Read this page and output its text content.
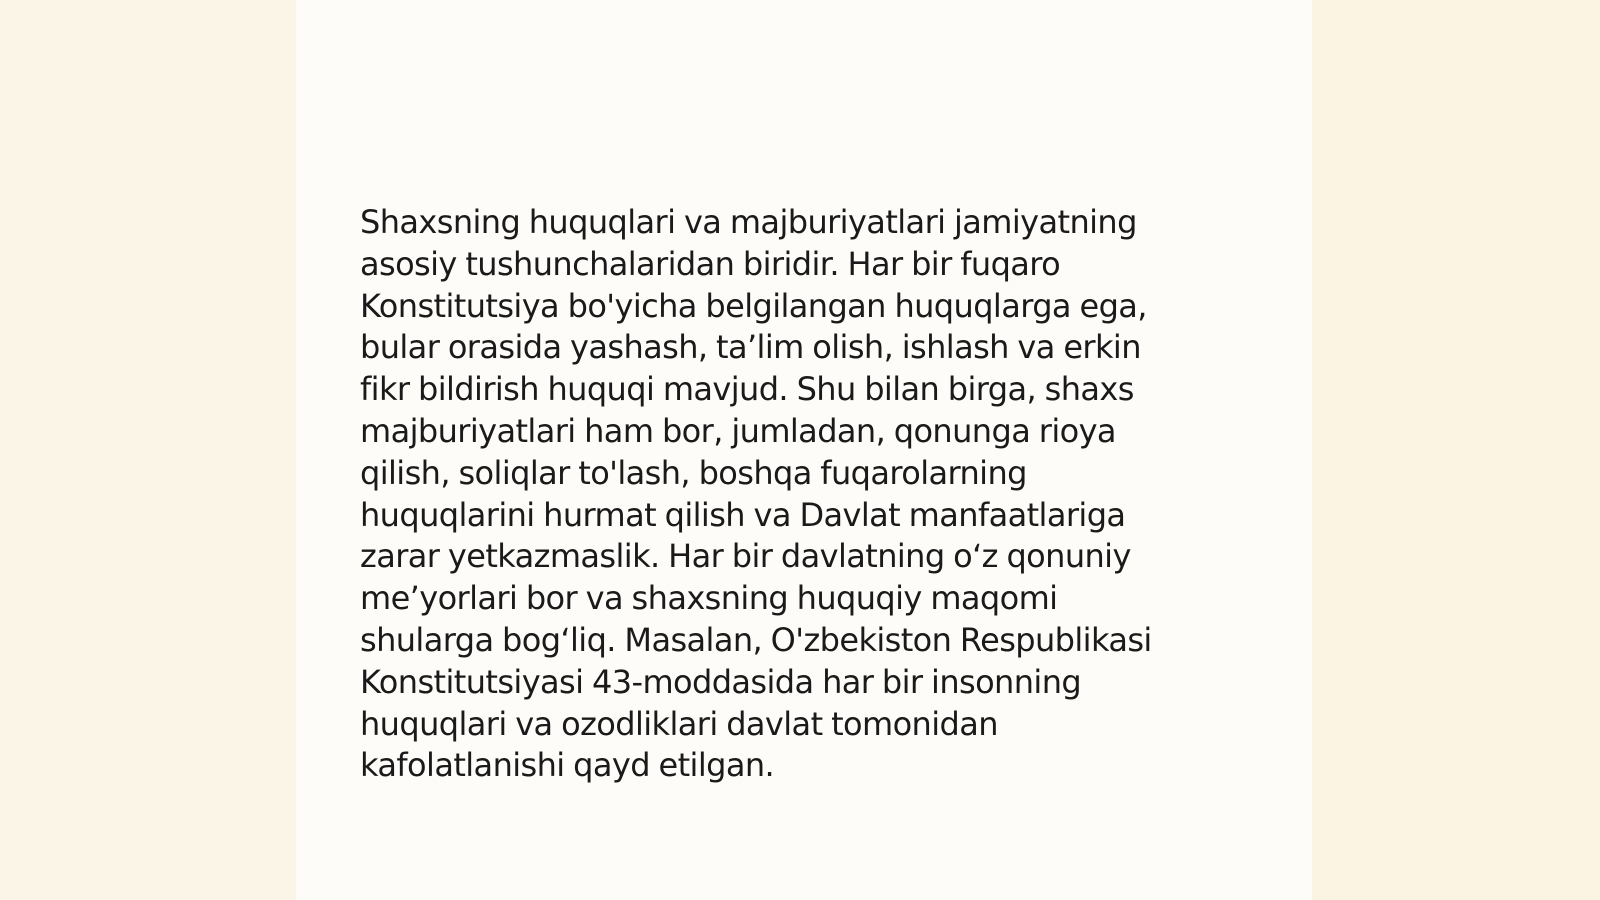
Shaxsning huquqlari va majburiyatlari jamiyatning
asosiy tushunchalaridan biridir. Har bir fuqaro
Konstitutsiya bo'yicha belgilangan huquqlarga ega,
bular orasida yashash, ta’lim olish, ishlash va erkin
fikr bildirish huquqi mavjud. Shu bilan birga, shaxs
majburiyatlari ham bor, jumladan, qonunga rioya
qilish, soliqlar to'lash, boshqa fuqarolarning
huquqlarini hurmat qilish va Davlat manfaatlariga
zarar yetkazmaslik. Har bir davlatning o‘z qonuniy
me’yorlari bor va shaxsning huquqiy maqomi
shularga bog‘liq. Masalan, O'zbekiston Respublikasi
Konstitutsiyasi 43-moddasida har bir insonning
huquqlari va ozodliklari davlat tomonidan
kafolatlanishi qayd etilgan.
